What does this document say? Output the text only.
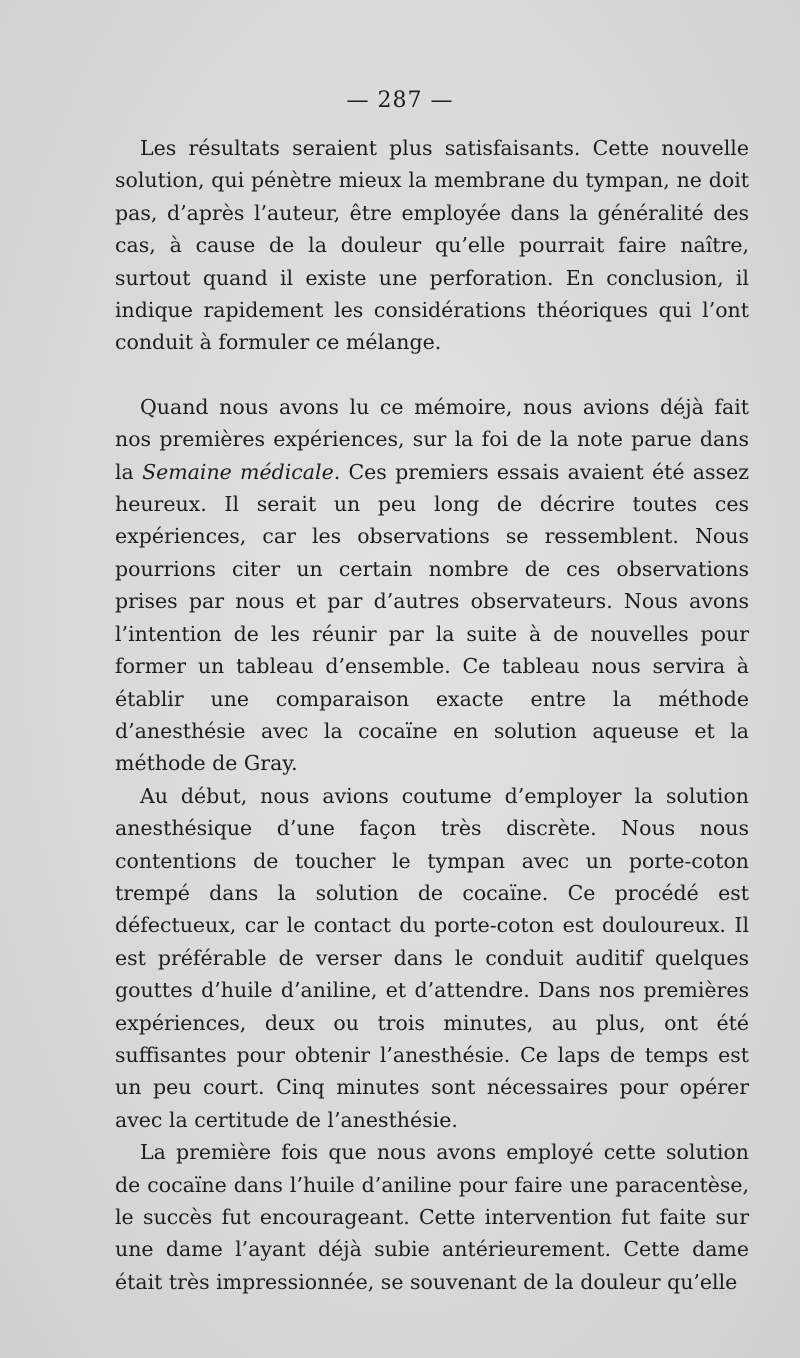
— 287 —

Les résultats seraient plus satisfaisants. Cette nouvelle solution, qui pénètre mieux la membrane du tympan, ne doit pas, d’après l’auteur, être employée dans la généralité des cas, à cause de la douleur qu’elle pourrait faire naître, surtout quand il existe une perforation. En conclusion, il indique rapidement les considérations théoriques qui l’ont conduit à formuler ce mélange.

Quand nous avons lu ce mémoire, nous avions déjà fait nos premières expériences, sur la foi de la note parue dans la Semaine médicale. Ces premiers essais avaient été assez heureux. Il serait un peu long de décrire toutes ces expériences, car les observations se ressemblent. Nous pourrions citer un certain nombre de ces observations prises par nous et par d’autres observateurs. Nous avons l’intention de les réunir par la suite à de nouvelles pour former un tableau d’ensemble. Ce tableau nous servira à établir une comparaison exacte entre la méthode d’anesthésie avec la cocaïne en solution aqueuse et la méthode de Gray.

Au début, nous avions coutume d’employer la solution anesthésique d’une façon très discrète. Nous nous contentions de toucher le tympan avec un porte-coton trempé dans la solution de cocaïne. Ce procédé est défectueux, car le contact du porte-coton est douloureux. Il est préférable de verser dans le conduit auditif quelques gouttes d’huile d’aniline, et d’attendre. Dans nos premières expériences, deux ou trois minutes, au plus, ont été suffisantes pour obtenir l’anesthésie. Ce laps de temps est un peu court. Cinq minutes sont nécessaires pour opérer avec la certitude de l’anesthésie.

La première fois que nous avons employé cette solution de cocaïne dans l’huile d’aniline pour faire une paracentèse, le succès fut encourageant. Cette intervention fut faite sur une dame l’ayant déjà subie antérieurement. Cette dame était très impressionnée, se souvenant de la douleur qu’elle
